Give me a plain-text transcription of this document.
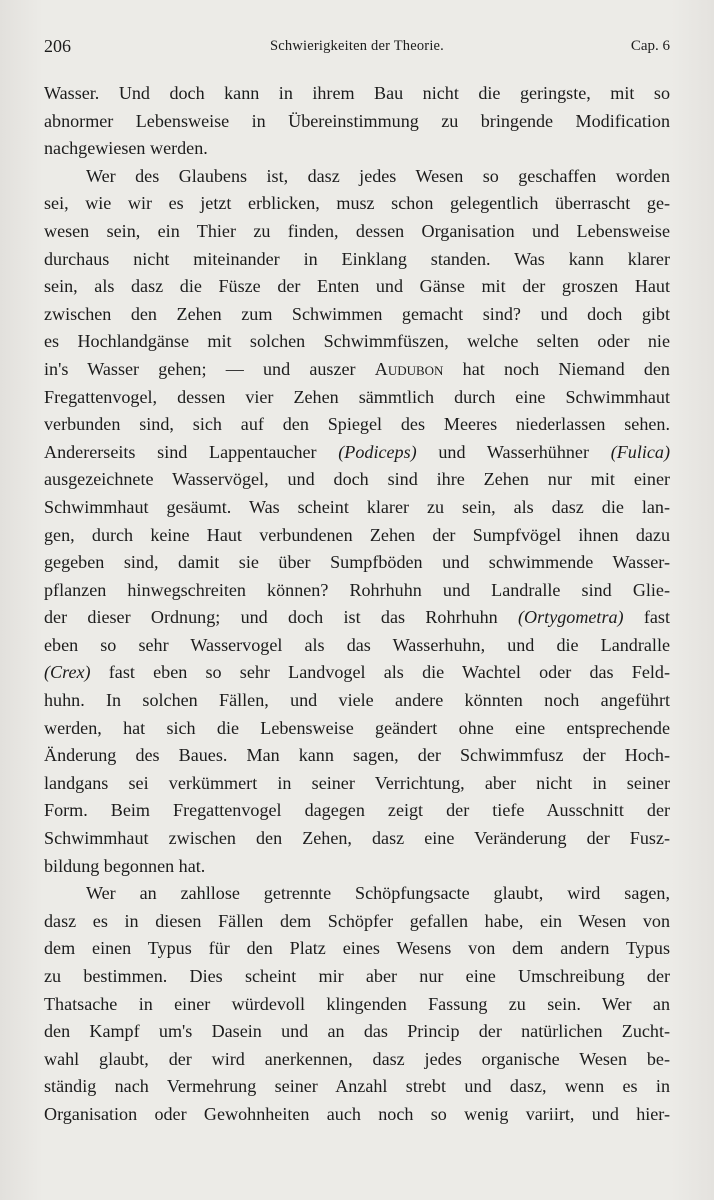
206	Schwierigkeiten der Theorie.	Cap. 6
Wasser. Und doch kann in ihrem Bau nicht die geringste, mit so
abnormer Lebensweise in Übereinstimmung zu bringende Modification
nachgewiesen werden.
Wer des Glaubens ist, dasz jedes Wesen so geschaffen worden
sei, wie wir es jetzt erblicken, musz schon gelegentlich überrascht ge-
wesen sein, ein Thier zu finden, dessen Organisation und Lebensweise
durchaus nicht miteinander in Einklang standen. Was kann klarer
sein, als dasz die Füsze der Enten und Gänse mit der groszen Haut
zwischen den Zehen zum Schwimmen gemacht sind? und doch gibt
es Hochlandgänse mit solchen Schwimmfüszen, welche selten oder nie
in's Wasser gehen; — und auszer Audubon hat noch Niemand den
Fregattenvogel, dessen vier Zehen sämmtlich durch eine Schwimmhaut
verbunden sind, sich auf den Spiegel des Meeres niederlassen sehen.
Andererseits sind Lappentaucher (Podiceps) und Wasserhühner (Fulica)
ausgezeichnete Wasservögel, und doch sind ihre Zehen nur mit einer
Schwimmhaut gesäumt. Was scheint klarer zu sein, als dasz die lan-
gen, durch keine Haut verbundenen Zehen der Sumpfvögel ihnen dazu
gegeben sind, damit sie über Sumpfböden und schwimmende Wasser-
pflanzen hinwegschreiten können? Rohrhuhn und Landralle sind Glie-
der dieser Ordnung; und doch ist das Rohrhuhn (Ortygometra) fast
eben so sehr Wasservogel als das Wasserhuhn, und die Landralle
(Crex) fast eben so sehr Landvogel als die Wachtel oder das Feld-
huhn. In solchen Fällen, und viele andere könnten noch angeführt
werden, hat sich die Lebensweise geändert ohne eine entsprechende
Änderung des Baues. Man kann sagen, der Schwimmfusz der Hoch-
landgans sei verkümmert in seiner Verrichtung, aber nicht in seiner
Form. Beim Fregattenvogel dagegen zeigt der tiefe Ausschnitt der
Schwimmhaut zwischen den Zehen, dasz eine Veränderung der Fusz-
bildung begonnen hat.
Wer an zahllose getrennte Schöpfungsacte glaubt, wird sagen,
dasz es in diesen Fällen dem Schöpfer gefallen habe, ein Wesen von
dem einen Typus für den Platz eines Wesens von dem andern Typus
zu bestimmen. Dies scheint mir aber nur eine Umschreibung der
Thatsache in einer würdevoll klingenden Fassung zu sein. Wer an
den Kampf um's Dasein und an das Princip der natürlichen Zucht-
wahl glaubt, der wird anerkennen, dasz jedes organische Wesen be-
ständig nach Vermehrung seiner Anzahl strebt und dasz, wenn es in
Organisation oder Gewohnheiten auch noch so wenig variirt, und hier-
